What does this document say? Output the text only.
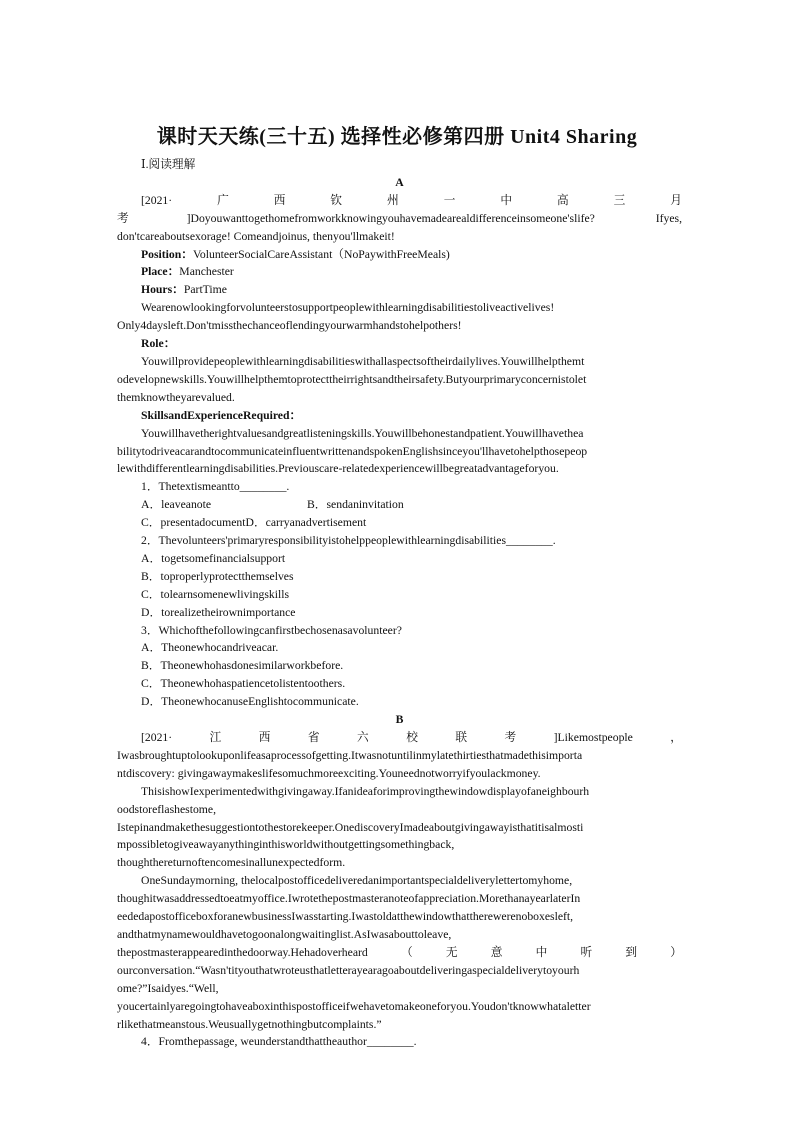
课时天天练(三十五) 选择性必修第四册 Unit4 Sharing

Ⅰ.阅读理解

A

[2021·广西钦州一中高三月

考]Doyouwanttogethomefromworkknowingyouhavemadearealdifferenceinsomeone'slife? Ifyes,

don'tcareaboutsexorage! Comeandjoinus, thenyou'llmakeit!

Position：VolunteerSocialCareAssistant（NoPaywithFreeMeals)

Place：Manchester

Hours：PartTime

Wearenowlookingforvolunteerstosupportpeoplewithlearningdisabilitiestoliveactivelives!

Only4daysleft.Don'tmissthechanceoflendingyourwarmhandstohelpothers!

Role：

Youwillprovidepeoplewithlearningdisabilitieswithallaspectsoftheirdailylives.Youwillhelpthemt

odevelopnewskills.Youwillhelpthemtoprotecttheirrightsandtheirsafety.Butyourprimaryconcernistolet

themknowtheyarevalued.

SkillsandExperienceRequired：

Youwillhavetherightvaluesandgreatlisteningskills.Youwillbehonestandpatient.Youwillhavethea

bilitytodriveacarandtocommunicateinfluentwrittenandspokenEnglishsinceyou'llhavetohelpthosepeop

lewithdifferentlearningdisabilities.Previouscare-relatedexperiencewillbegreatadvantageforyou.

1．Thetextismeantto________.

A．leaveanote	B．sendaninvitation

C．presentadocumentD．carryanadvertisement

2．Thevolunteers'primaryresponsibilityistohelppeoplewithlearningdisabilities________.

A．togetsomefinancialsupport

B．toproperlyprotectthemselves

C．tolearnsomenewlivingskills

D．torealizetheirownimportance

3．Whichofthefollowingcanfirstbechosenasavolunteer?

A．Theonewhocandriveacar.

B．Theonewhohasdonesimilarworkbefore.

C．Theonewhohaspatiencetolistentoothers.

D．TheonewhocanuseEnglishtocommunicate.

B

[2021·江西省六校联考]Likemostpeople，

Iwasbroughtuptolookuponlifeasaprocessofgetting.Itwasnotuntilinmylatethirtiesthatmadethisimporta

ntdiscovery: givingawaymakeslifesomuchmoreexciting.Youneednotworryifyoulackmoney.

ThisishowIexperimentedwithgivingaway.Ifanideaforimprovingthewindowdisplayofaneighbourh

oodstoreflashestome,

Istepinandmakethesuggestiontothestorekeeper.OnediscoveryImadeaboutgivingawayisthatitisalmosti

mpossibletogiveawayanythinginthisworldwithoutgettingsomethingback,

thoughthereturnoftencomesinallunexpectedform.

OneSundaymorning, thelocalpostofficedeliveredanimportantspecialdeliverylettertomyhome,

thoughitwasaddressedtoeatmyoffice.Iwrotethepostmasteranoteofappreciation.MorethanayearlaterIn

eededapostofficeboxforanewbusinessIwasstarting.Iwastoldatthewindowthattherewerenoboxesleft,

andthatmynamewouldhavetogoonalongwaitinglist.AsIwasabouttoleave,

thepostmasterappearedinthedoorway.Hehadoverheard（无意中听到）

ourconversation.“Wasn'tityouthatwroteusthatletterayearagoaboutdeliveringaspecialdeliverytoyourh

ome?”Isaidyes.“Well,

youcertainlyaregoingtohaveaboxinthispostofficeifwehavetomakeoneforyou.Youdon'tknowwhataletter

rlikethatmeanstous.Weusuallygetnothingbutcomplaints.”

4．Fromthepassage, weunderstandthattheauthor________.
